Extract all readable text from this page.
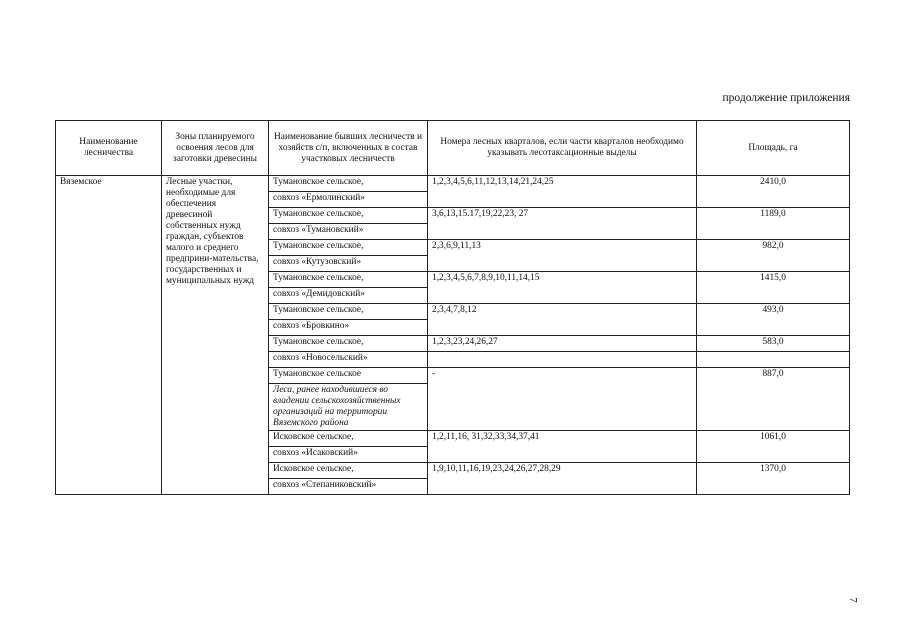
продолжение приложения
Наименование лесничества	Зоны планируемого освоения лесов для заготовки древесины	Наименование бывших лесничеств и хозяйств с/п, включенных в состав участковых лесничеств	Номера лесных кварталов, если части кварталов необходимо указывать лесотаксационные выделы	Площадь, га
Вяземское	Лесные участки, необходимые для обеспечения древесиной собственных нужд граждан, субъектов малого и среднего предприни-мательства, государственных и муниципальных нужд	Тумановское сельское,	1,2,3,4,5,6,11,12,13,14,21,24,25	2410,0
		совхоз «Ермолинский»		
		Тумановское сельское,	3,6,13,15.17,19,22,23, 27	1189,0
		совхоз «Тумановский»		
		Тумановское сельское,	2,3,6,9,11,13	982,0
		совхоз «Кутузовский»		
		Тумановское сельское,	1,2,3,4,5,6,7,8,9,10,11,14,15	1415,0
		совхоз «Демидовский»		
		Тумановское сельское,	2,3,4,7,8,12	493,0
		совхоз «Бровкино»		
		Тумановское сельское,	1,2,3,23,24,26,27	583,0
		совхоз «Новосельский»		
		Тумановское сельское	-	887,0
		Леса, ранее находившиеся во владении сельскохозяйственных организаций на территории Вяземского района		
		Исковское сельское,	1,2,11,16, 31,32,33,34,37,41	1061,0
		совхоз «Исаковский»		
		Исковское сельское,	1,9,10,11,16,19,23,24,26,27,28,29	1370,0
		совхоз «Степаниковский»		
7
